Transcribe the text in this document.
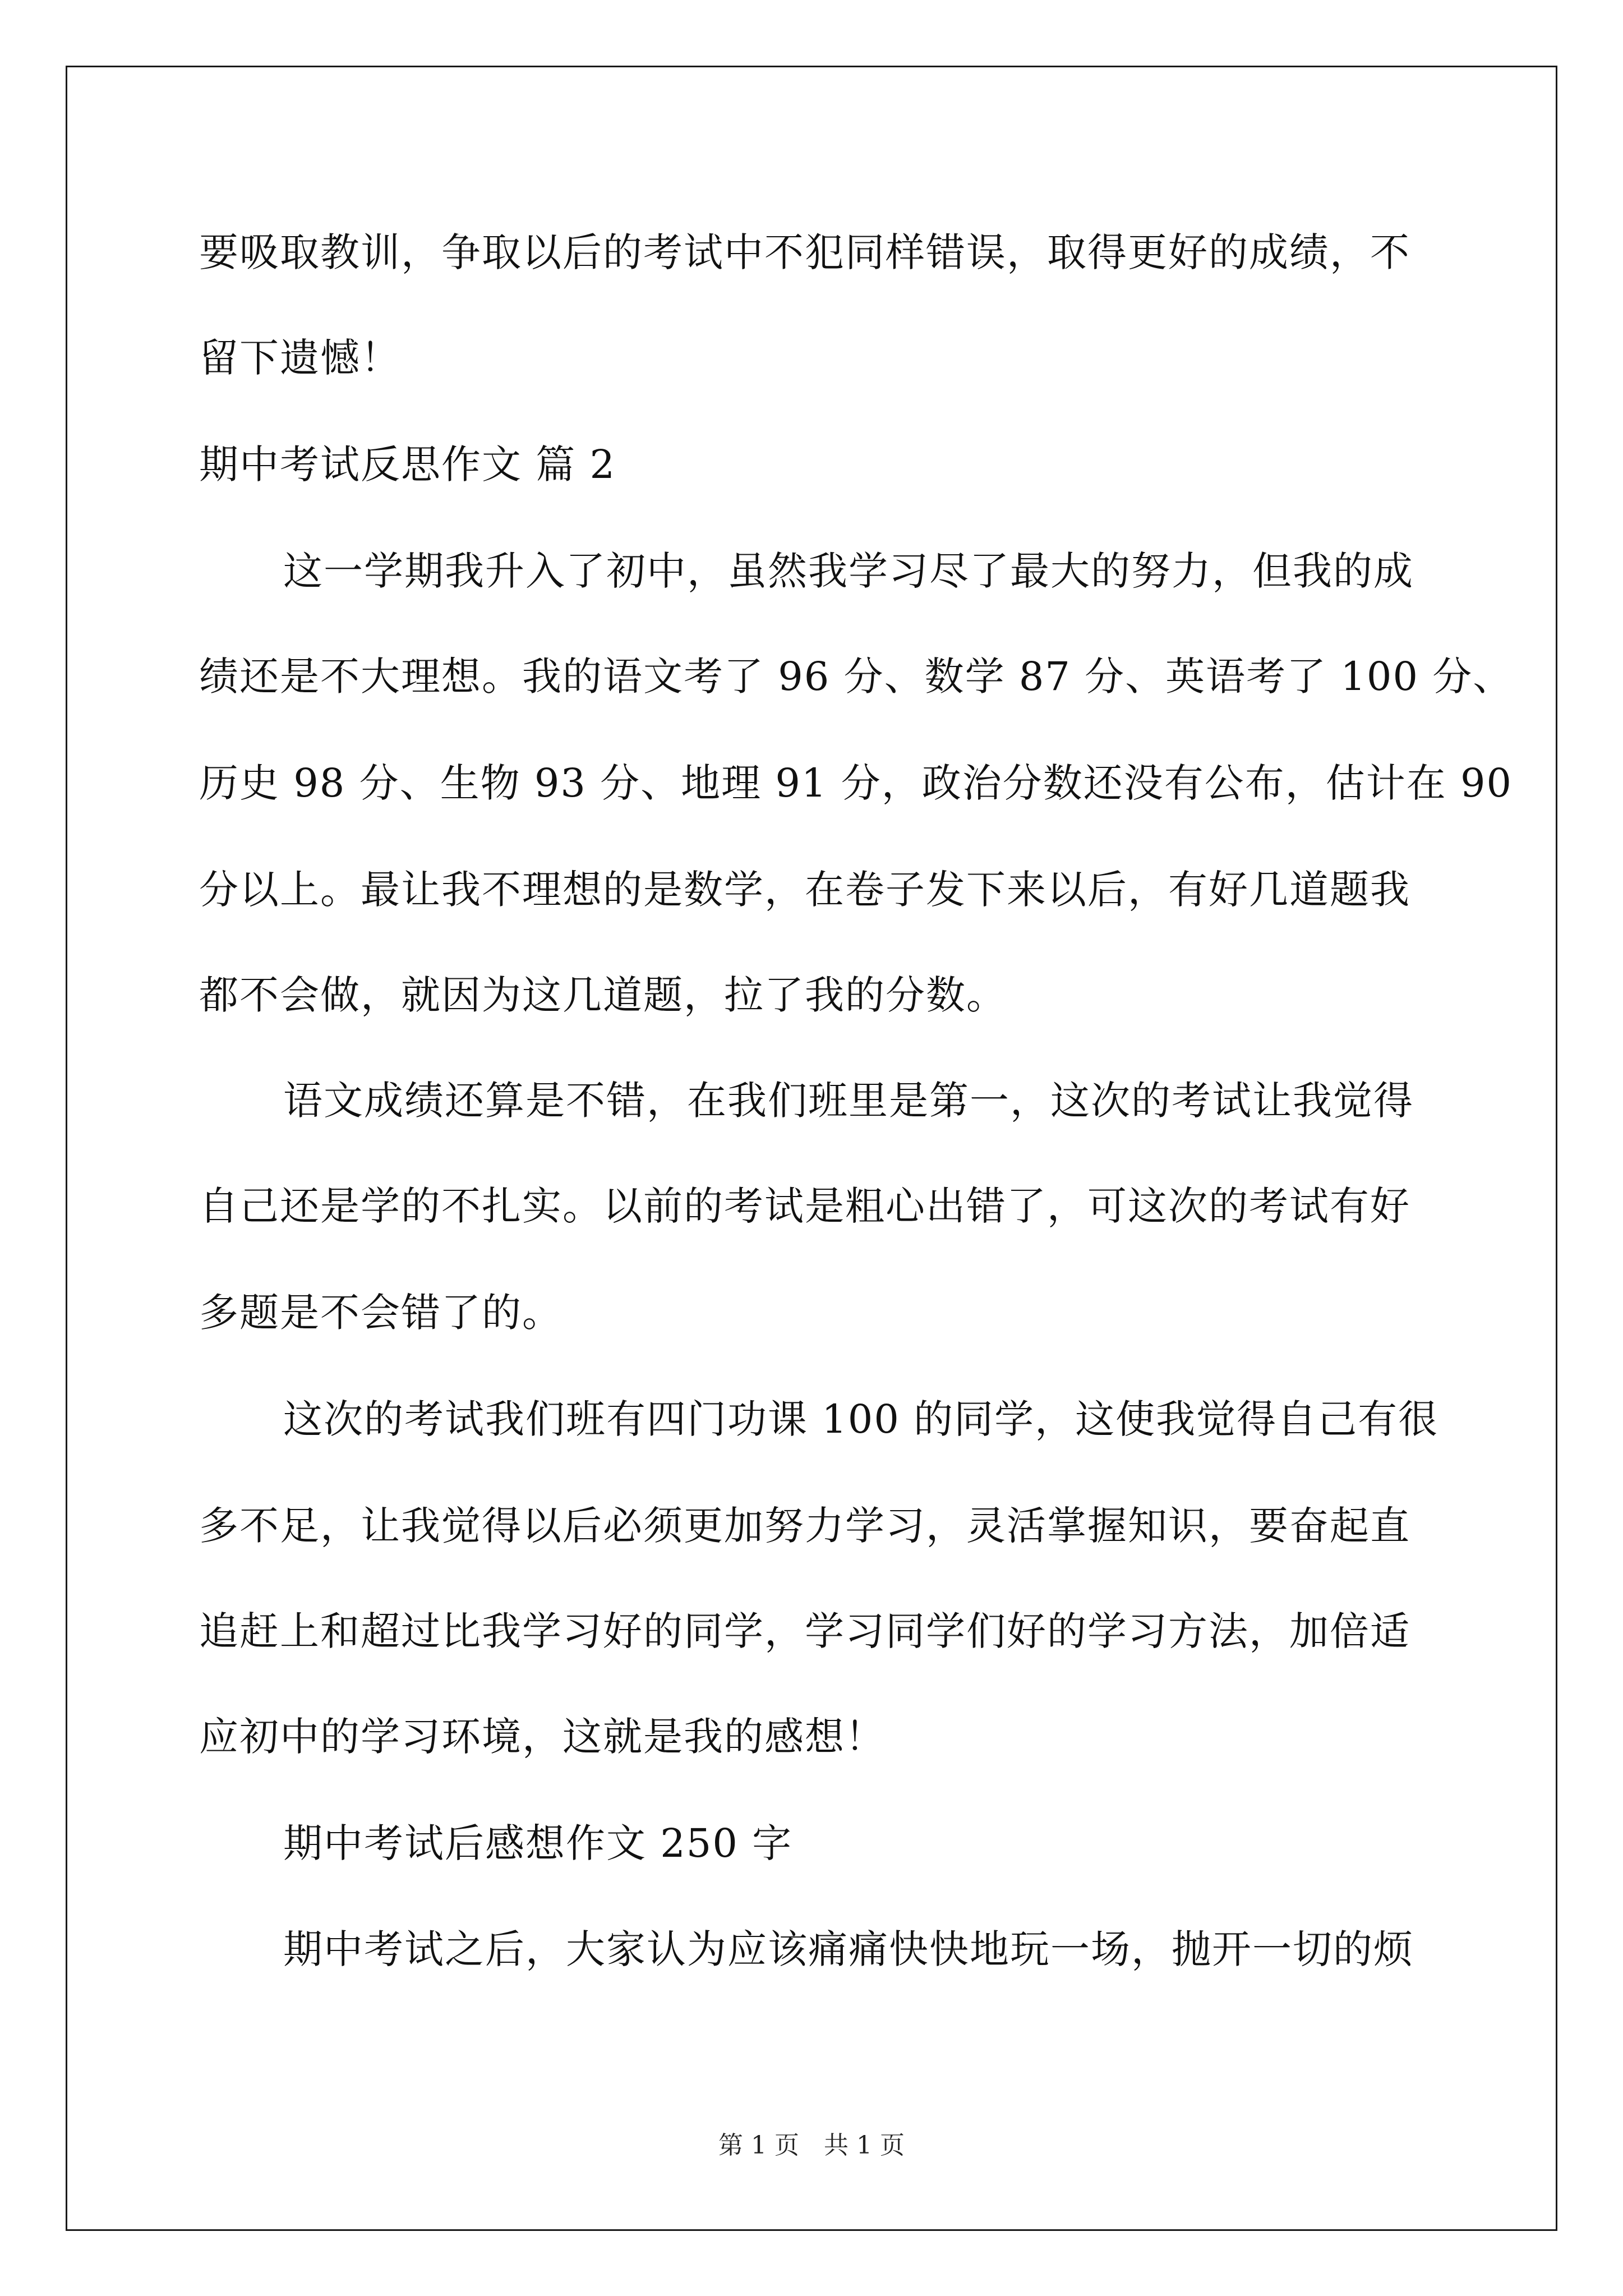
要吸取教训，争取以后的考试中不犯同样错误，取得更好的成绩，不
留下遗憾！
期中考试反思作文 篇 2
这一学期我升入了初中，虽然我学习尽了最大的努力，但我的成
绩还是不大理想。我的语文考了 96 分、数学 87 分、英语考了 100 分、
历史 98 分、生物 93 分、地理 91 分，政治分数还没有公布，估计在 90
分以上。最让我不理想的是数学，在卷子发下来以后，有好几道题我
都不会做，就因为这几道题，拉了我的分数。
语文成绩还算是不错，在我们班里是第一，这次的考试让我觉得
自己还是学的不扎实。以前的考试是粗心出错了，可这次的考试有好
多题是不会错了的。
这次的考试我们班有四门功课 100 的同学，这使我觉得自己有很
多不足，让我觉得以后必须更加努力学习，灵活掌握知识，要奋起直
追赶上和超过比我学习好的同学，学习同学们好的学习方法，加倍适
应初中的学习环境，这就是我的感想！
期中考试后感想作文 250 字
期中考试之后，大家认为应该痛痛快快地玩一场，抛开一切的烦
第 1 页　共 1 页
